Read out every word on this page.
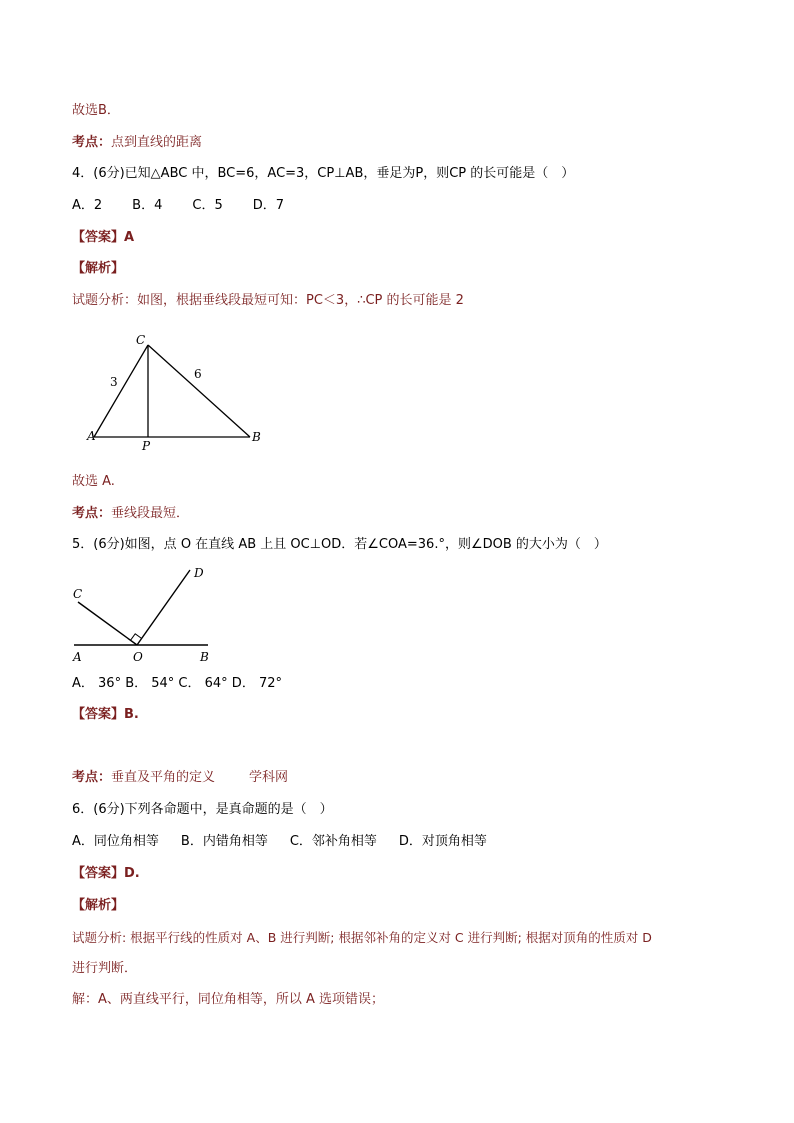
故选B．
考点：点到直线的距离
4．(6分)已知△ABC 中，BC=6，AC=3，CP⊥AB，垂足为P，则CP 的长可能是（　）
A．2 B．4 C．5 D．7
【答案】A
【解析】
试题分析：如图，根据垂线段最短可知：PC＜3，∴CP 的长可能是 2
C
A	B
P
3
6
故选 A.
考点：垂线段最短．
5．(6分)如图，点 O 在直线 AB 上且 OC⊥OD．若∠COA=36.°，则∠DOB 的大小为（　）
C
D
A	O	B
A． 36° B． 54° C． 64° D． 72°
【答案】B.
考点：垂直及平角的定义	学科网
6．(6分)下列各命题中，是真命题的是（　）
A．同位角相等 B．内错角相等 C．邻补角相等 D．对顶角相等
【答案】D.
【解析】
试题分析: 根据平行线的性质对 A、B 进行判断; 根据邻补角的定义对 C 进行判断; 根据对顶角的性质对 D
进行判断．
解：A、两直线平行，同位角相等，所以 A 选项错误；
